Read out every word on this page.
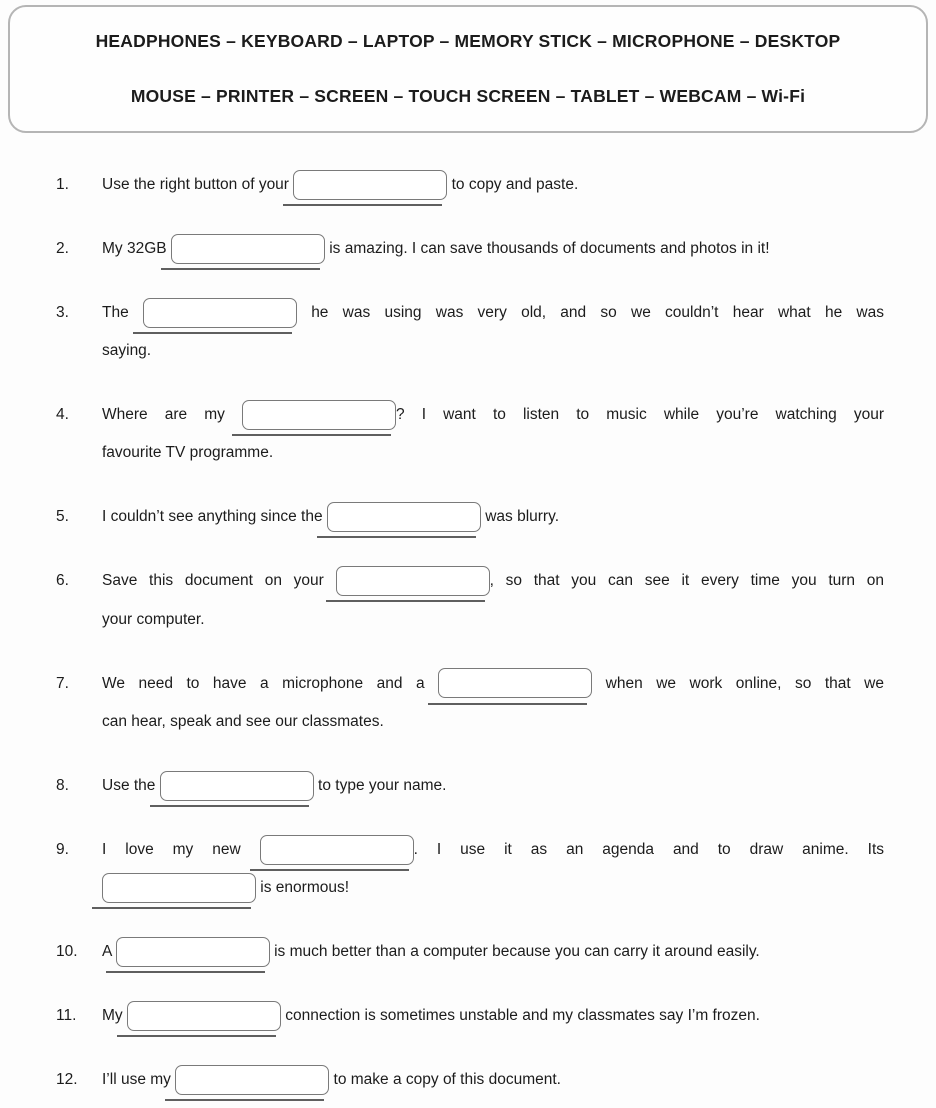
HEADPHONES – KEYBOARD – LAPTOP – MEMORY STICK – MICROPHONE – DESKTOP
MOUSE – PRINTER – SCREEN – TOUCH SCREEN – TABLET – WEBCAM – Wi-Fi
1.	Use the right button of your	to copy and paste.
2.	My 32GB	is amazing. I can save thousands of documents and photos in it!
3.	The	he was using was very old, and so we couldn’t hear what he was
saying.
4.	Where are my	? I want to listen to music while you’re watching your
favourite TV programme.
5.	I couldn’t see anything since the	was blurry.
6.	Save this document on your	, so that you can see it every time you turn on
your computer.
7.	We need to have a microphone and a	when we work online, so that we
can hear, speak and see our classmates.
8.	Use the	to type your name.
9.	I love my new	. I use it as an agenda and to draw anime. Its
is enormous!
10.	A	is much better than a computer because you can carry it around easily.
11.	My	connection is sometimes unstable and my classmates say I’m frozen.
12.	I’ll use my	to make a copy of this document.
